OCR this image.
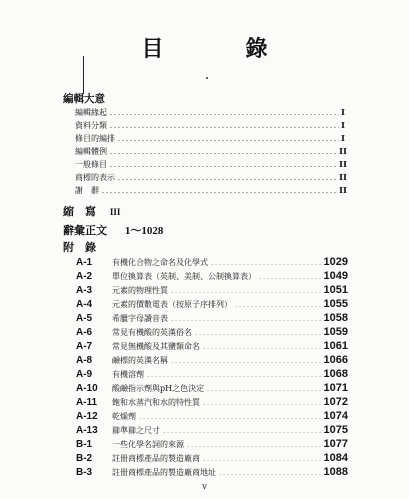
目　錄
編輯大意
編輯緣起	I
資料分類	I
條目的編排	I
編輯體例	II
一般條目	II
商標的表示	II
謝　辭	II
縮　寫 III
辭彙正文 1～1028
附　錄
A-1	有機化合物之命名及化學式	1029
A-2	單位換算表（英制、美制、公制換算表）	1049
A-3	元素的物理性質	1051
A-4	元素的價數電表（按原子序排列）	1055
A-5	希臘字母讀音表	1058
A-6	常見有機酸的英漢俗名	1059
A-7	常見無機酸及其鹽類命名	1061
A-8	鹼標的英漢名稱	1066
A-9	有機溶劑	1068
A-10	酸鹼指示劑與pH之色決定	1071
A-11	飽和水蒸汽和水的特性質	1072
A-12	乾燥劑	1074
A-13	篩準篩之尺寸	1075
B-1	一些化學名詞的來源	1077
B-2	註冊商標產品的製造廠商	1084
B-3	註冊商標產品的製造廠商地址	1088
v
